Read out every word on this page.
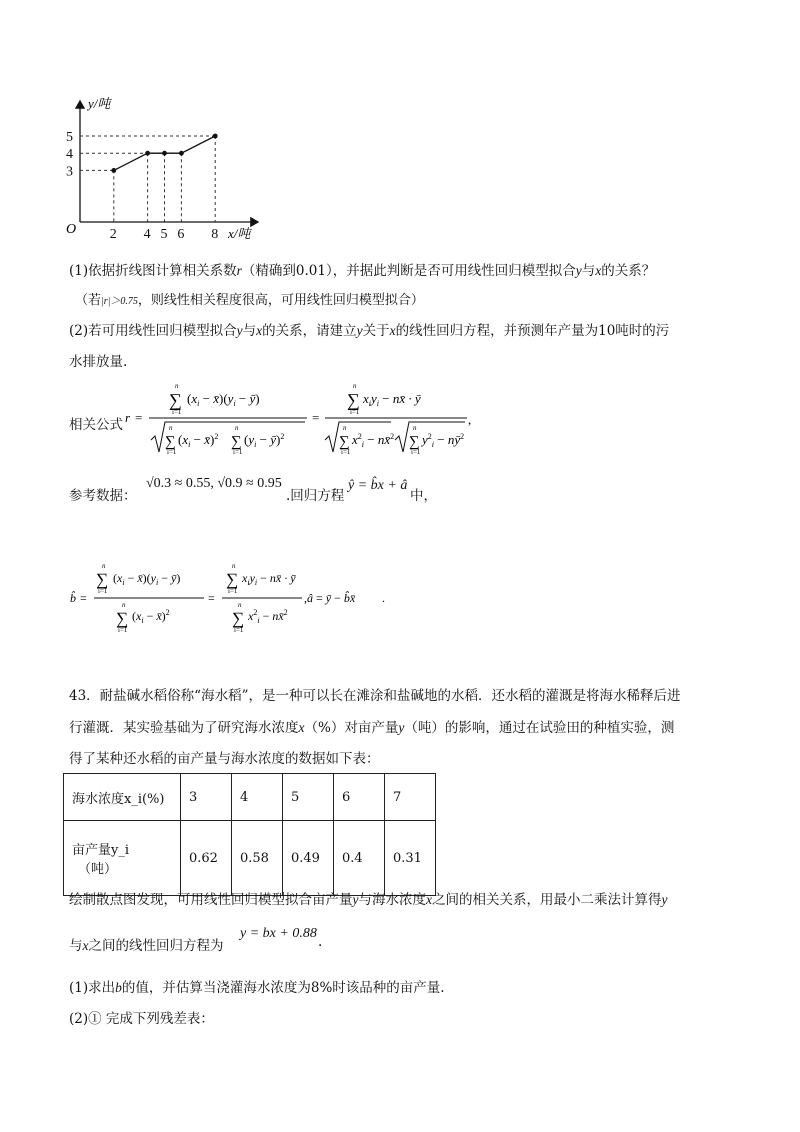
5
4
3
2 4 5 6 8
y/吨
x/吨
O
(1)依据折线图计算相关系数r（精确到0.01），并据此判断是否可用线性回归模型拟合y与x的关系？
（若|r|＞0.75，则线性相关程度很高，可用线性回归模型拟合）
(2)若可用线性回归模型拟合y与x的关系，请建立y关于x的线性回归方程，并预测年产量为10吨时的污
水排放量.
相关公式 r =
n
∑
i=1
($x_i$ − $x̄)(y_i$ − ȳ)
n
∑
i=1
($x_i$ − x̄)$^2$
n
∑
i=1
($y_i$ − ȳ)$^2$
=
n
∑
i=1
$x_iy_i$ − nx̄ · ȳ
n
∑
i=1
$x^2_i$ − nx̄$^2$
n
∑
i=1
$y^2_i$ − $nȳ^2$
,
参考数据：
√0.3 ≈ 0.55, √0.9 ≈ 0.95
.回归方程
ŷ = b̂x + â
中，
b̂ =
n
∑
i=1
($x_i$ − $x̄)(y_i$ − ȳ)
n
∑
i=1
($x_i$ − x̄)$^2$
=
n
∑
i=1
$x_iy_i$ − nx̄ · ȳ
n
∑
i=1
$x^2_i$ − nx̄$^2$
,â = ȳ − b̂x̄ .
43．耐盐碱水稻俗称“海水稻”，是一种可以长在滩涂和盐碱地的水稻．还水稻的灌溉是将海水稀释后进
行灌溉．某实验基础为了研究海水浓度x（%）对亩产量y（吨）的影响，通过在试验田的种植实验，测
得了某种还水稻的亩产量与海水浓度的数据如下表：
海水浓度x_i(%)	3	4	5	6	7

亩产量y_i
（吨）	0.62	0.58	0.49	0.4	0.31
绘制散点图发现，可用线性回归模型拟合亩产量y与海水浓度x之间的相关关系，用最小二乘法计算得y
与x之间的线性回归方程为
y = bx + 0.88
.
(1)求出b的值，并估算当浇灌海水浓度为8%时该品种的亩产量.
(2)① 完成下列残差表：
